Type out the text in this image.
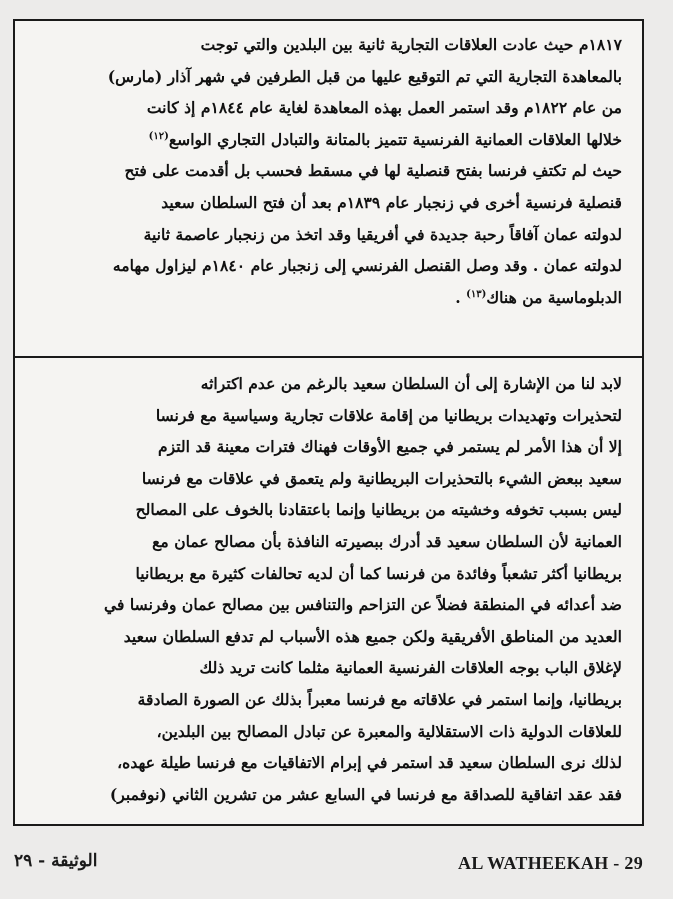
١٨١٧م حيث عادت العلاقات التجارية ثانية بين البلدين والتي توجت

بالمعاهدة التجارية التي تم التوقيع عليها من قبل الطرفين في شهر آذار (مارس)

من عام ١٨٢٢م وقد استمر العمل بهذه المعاهدة لغاية عام ١٨٤٤م إذ كانت

خلالها العلاقات العمانية الفرنسية تتميز بالمتانة والتبادل التجاري الواسع$^{(١٢)}$

حيث لم تكتفِ فرنسا بفتح قنصلية لها في مسقط فحسب بل أقدمت على فتح

قنصلية فرنسية أخرى في زنجبار عام ١٨٣٩م بعد أن فتح السلطان سعيد

لدولته عمان آفاقاً رحبة جديدة في أفريقيا وقد اتخذ من زنجبار عاصمة ثانية

لدولته عمان . وقد وصل القنصل الفرنسي إلى زنجبار عام ١٨٤٠م ليزاول مهامه

الدبلوماسية من هناك$^{(١٣)}$ .

لابد لنا من الإشارة إلى أن السلطان سعيد بالرغم من عدم اكتراثه

لتحذيرات وتهديدات بريطانيا من إقامة علاقات تجارية وسياسية مع فرنسا

إلا أن هذا الأمر لم يستمر في جميع الأوقات فهناك فترات معينة قد التزم

سعيد ببعض الشيء بالتحذيرات البريطانية ولم يتعمق في علاقات مع فرنسا

ليس بسبب تخوفه وخشيته من بريطانيا وإنما باعتقادنا بالخوف على المصالح

العمانية لأن السلطان سعيد قد أدرك ببصيرته النافذة بأن مصالح عمان مع

بريطانيا أكثر تشعباً وفائدة من فرنسا كما أن لديه تحالفات كثيرة مع بريطانيا

ضد أعدائه في المنطقة فضلاً عن التزاحم والتنافس بين مصالح عمان وفرنسا في

العديد من المناطق الأفريقية ولكن جميع هذه الأسباب لم تدفع السلطان سعيد

لإغلاق الباب بوجه العلاقات الفرنسية العمانية مثلما كانت تريد ذلك

بريطانيا، وإنما استمر في علاقاته مع فرنسا معبراً بذلك عن الصورة الصادقة

للعلاقات الدولية ذات الاستقلالية والمعبرة عن تبادل المصالح بين البلدين،

لذلك نرى السلطان سعيد قد استمر في إبرام الاتفاقيات مع فرنسا طيلة عهده،

فقد عقد اتفاقية للصداقة مع فرنسا في السابع عشر من تشرين الثاني (نوفمبر)

الوثيقة - ٢٩	AL WATHEEKAH - 29
